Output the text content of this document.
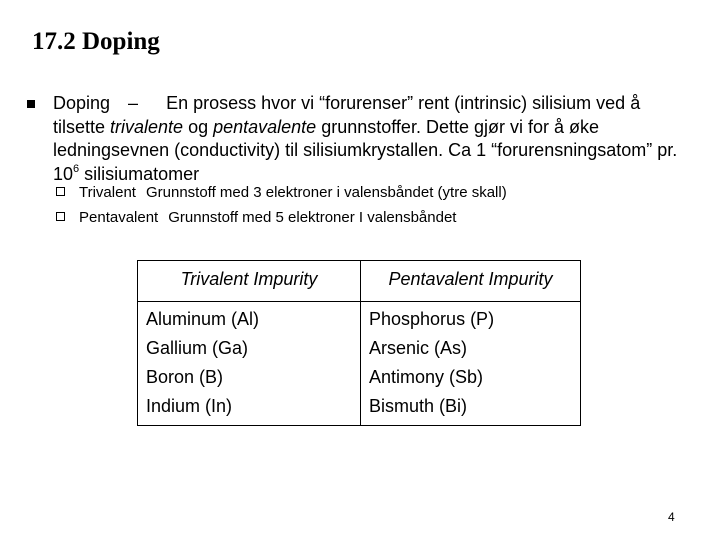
17.2 Doping
Doping – En prosess hvor vi “forurenser” rent (intrinsic) silisium ved å tilsette trivalente og pentavalente grunnstoffer. Dette gjør vi for å øke ledningsevnen (conductivity) til silisiumkrystallen. Ca 1 “forurensningsatom” pr. $10^6$ silisiumatomer
Trivalent Grunnstoff med 3 elektroner i valensbåndet (ytre skall)
Pentavalent Grunnstoff med 5 elektroner I valensbåndet
Trivalent Impurity	Pentavalent Impurity
Aluminum (Al)
Gallium (Ga)
Boron (B)
Indium (In)
Phosphorus (P)
Arsenic (As)
Antimony (Sb)
Bismuth (Bi)
4
